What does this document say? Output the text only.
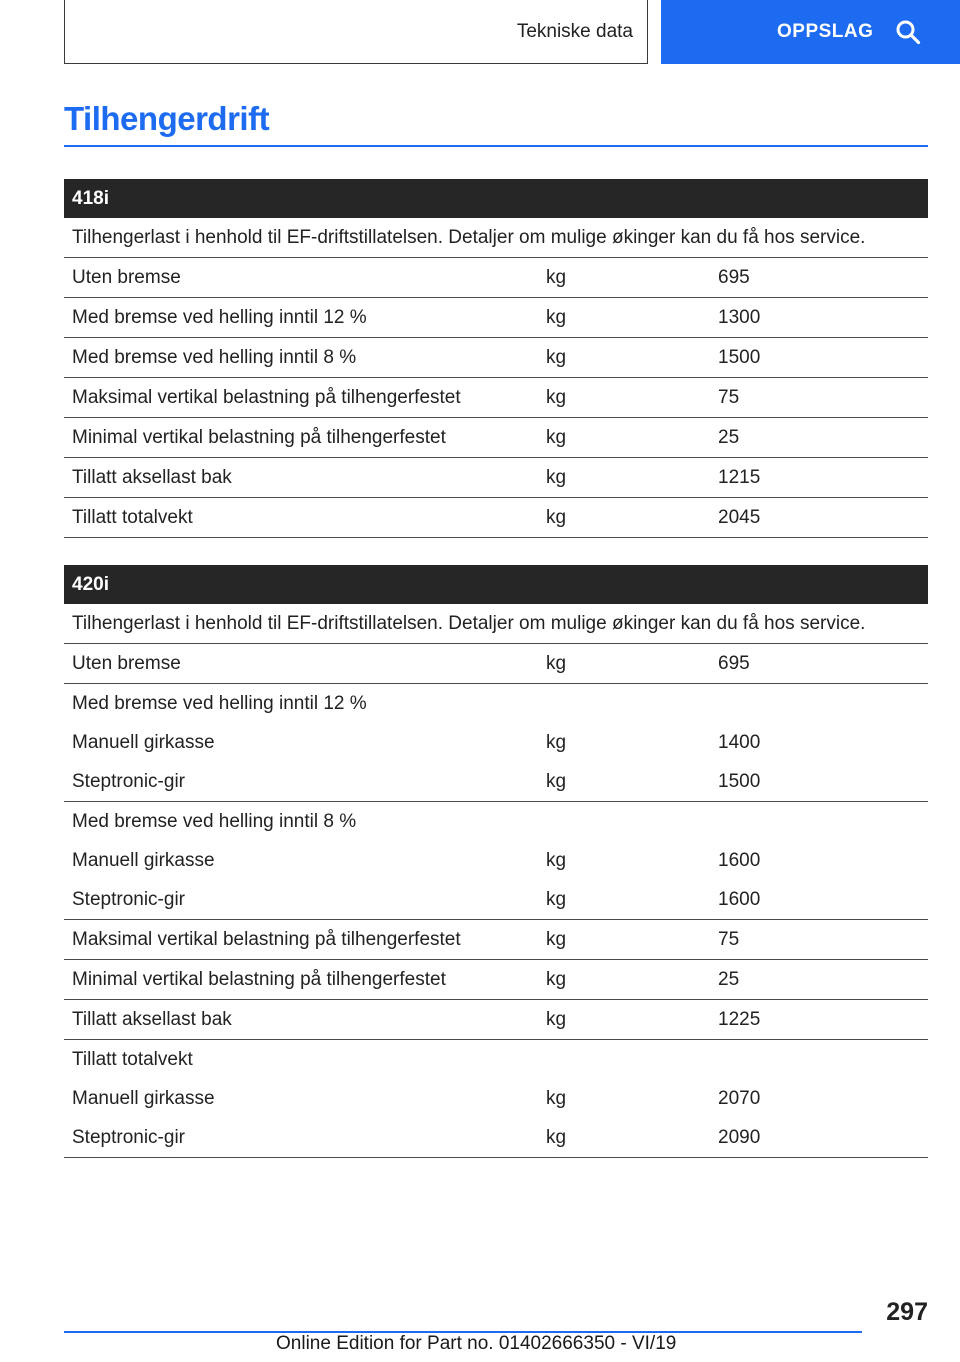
Tekniske data	OPPSLAG
Tilhengerdrift
418i
Tilhengerlast i henhold til EF-driftstillatelsen. Detaljer om mulige økinger kan du få hos service.
Uten bremse	kg	695
Med bremse ved helling inntil 12 %	kg	1300
Med bremse ved helling inntil 8 %	kg	1500
Maksimal vertikal belastning på tilhengerfestet	kg	75
Minimal vertikal belastning på tilhengerfestet	kg	25
Tillatt aksellast bak	kg	1215
Tillatt totalvekt	kg	2045
420i
Tilhengerlast i henhold til EF-driftstillatelsen. Detaljer om mulige økinger kan du få hos service.
Uten bremse	kg	695
Med bremse ved helling inntil 12 %
Manuell girkasse	kg	1400
Steptronic-gir	kg	1500
Med bremse ved helling inntil 8 %
Manuell girkasse	kg	1600
Steptronic-gir	kg	1600
Maksimal vertikal belastning på tilhengerfestet	kg	75
Minimal vertikal belastning på tilhengerfestet	kg	25
Tillatt aksellast bak	kg	1225
Tillatt totalvekt
Manuell girkasse	kg	2070
Steptronic-gir	kg	2090
297
Online Edition for Part no. 01402666350 - VI/19
